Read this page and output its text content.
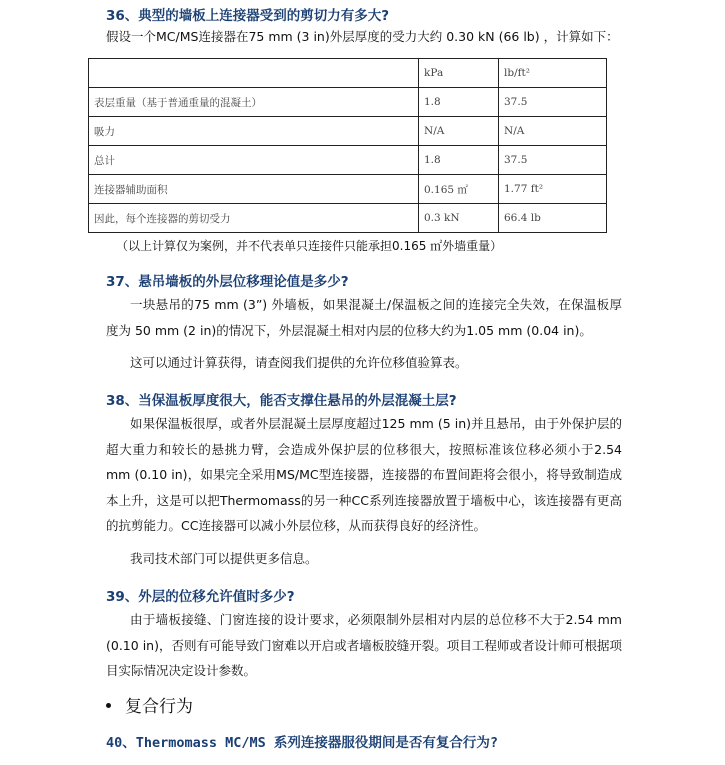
36、典型的墙板上连接器受到的剪切力有多大?
假设一个MC/MS连接器在75 mm (3 in)外层厚度的受力大约 0.30 kN (66 lb) ，计算如下：
	kPa	lb/ft²
表层重量（基于普通重量的混凝土）	1.8	37.5
吸力	N/A	N/A
总计	1.8	37.5
连接器辅助面积	0.165 ㎡	1.77 ft²
因此，每个连接器的剪切受力	0.3 kN	66.4 lb
（以上计算仅为案例，并不代表单只连接件只能承担0.165 ㎡外墙重量）
37、悬吊墙板的外层位移理论值是多少?
一块悬吊的75 mm (3”) 外墙板，如果混凝土/保温板之间的连接完全失效，在保温板厚度为 50 mm (2 in)的情况下，外层混凝土相对内层的位移大约为1.05 mm (0.04 in)。
这可以通过计算获得，请查阅我们提供的允许位移值验算表。
38、当保温板厚度很大，能否支撑住悬吊的外层混凝土层?
如果保温板很厚，或者外层混凝土层厚度超过125 mm (5 in)并且悬吊，由于外保护层的超大重力和较长的悬挑力臂，会造成外保护层的位移很大，按照标准该位移必须小于2.54 mm (0.10 in)，如果完全采用MS/MC型连接器，连接器的布置间距将会很小，将导致制造成本上升，这是可以把Thermomass的另一种CC系列连接器放置于墙板中心，该连接器有更高的抗剪能力。CC连接器可以减小外层位移，从而获得良好的经济性。
我司技术部门可以提供更多信息。
39、外层的位移允许值时多少?
由于墙板接缝、门窗连接的设计要求，必须限制外层相对内层的总位移不大于2.54 mm (0.10 in)，否则有可能导致门窗难以开启或者墙板胶缝开裂。项目工程师或者设计师可根据项目实际情况决定设计参数。
复合行为
40、Thermomass MC/MS 系列连接器服役期间是否有复合行为?
